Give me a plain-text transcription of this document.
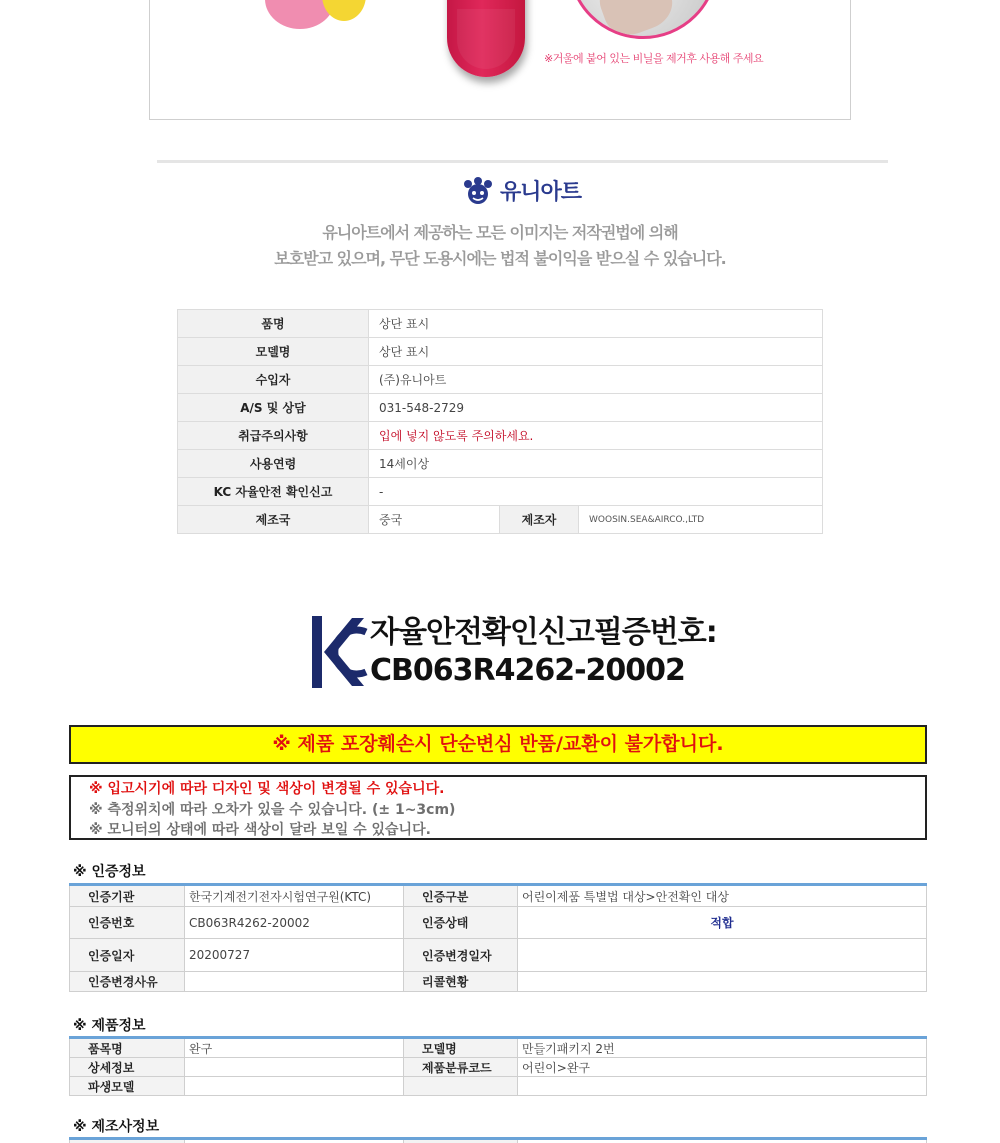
※거울에 붙어 있는 비닐을 제거후 사용해 주세요
유니아트
유니아트에서 제공하는 모든 이미지는 저작권법에 의해
보호받고 있으며, 무단 도용시에는 법적 불이익을 받으실 수 있습니다.
품명	상단 표시		
모델명	상단 표시		
수입자	(주)유니아트		
A/S 및 상담	031-548-2729		
취급주의사항	입에 넣지 않도록 주의하세요.		
사용연령	14세이상		
KC 자율안전 확인신고	-		
제조국	중국	제조자	WOOSIN.SEA&AIRCO.,LTD
자율안전확인신고필증번호:
CB063R4262-20002
※ 제품 포장훼손시 단순변심 반품/교환이 불가합니다.
※ 입고시기에 따라 디자인 및 색상이 변경될 수 있습니다.
※ 측정위치에 따라 오차가 있을 수 있습니다. (± 1~3cm)
※ 모니터의 상태에 따라 색상이 달라 보일 수 있습니다.
※ 인증정보
인증기관	한국기계전기전자시험연구원(KTC)	인증구분	어린이제품 특별법 대상>안전확인 대상
인증번호	CB063R4262-20002	인증상태	적합
인증일자	20200727	인증변경일자	
인증변경사유		리콜현황	
※ 제품정보
품목명	완구	모델명	만들기패키지 2번
상세정보		제품분류코드	어린이>완구
파생모델			
※ 제조사정보
